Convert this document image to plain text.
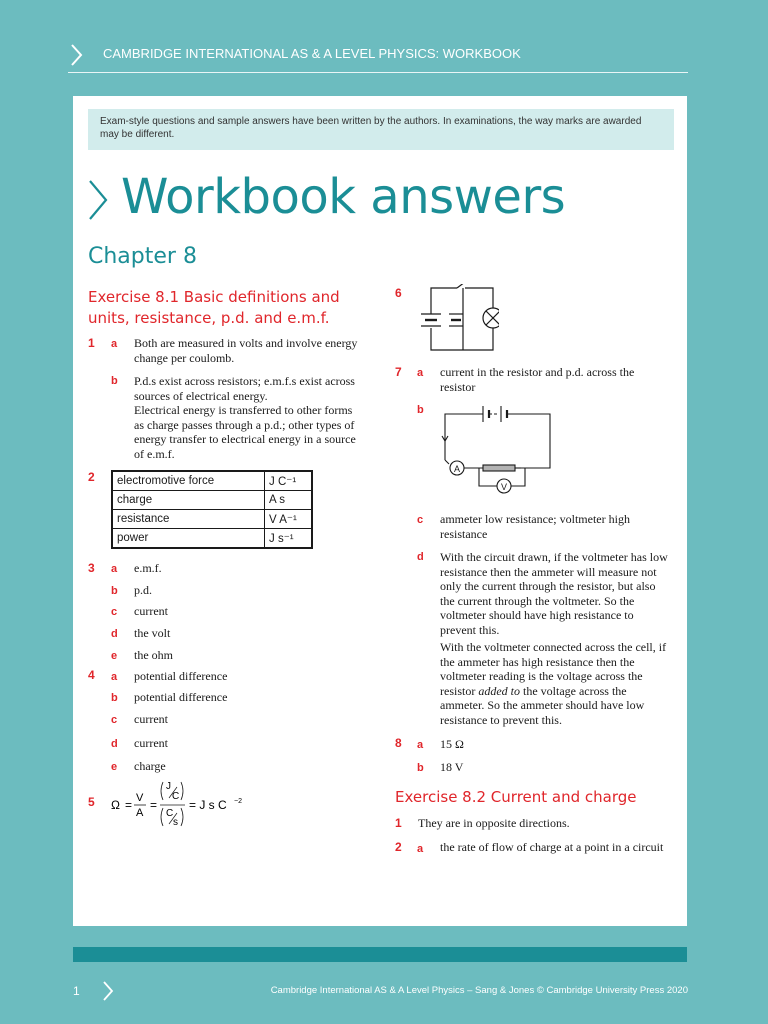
CAMBRIDGE INTERNATIONAL AS & A LEVEL PHYSICS: WORKBOOK
Exam-style questions and sample answers have been written by the authors. In examinations, the way marks are awarded may be different.
Workbook answers
Chapter 8
Exercise 8.1 Basic definitions and
units, resistance, p.d. and e.m.f.
1 a Both are measured in volts and involve energy change per coulomb.
b P.d.s exist across resistors; e.m.f.s exist across sources of electrical energy.
Electrical energy is transferred to other forms as charge passes through a p.d.; other types of energy transfer to electrical energy in a source of e.m.f.
2 electromotive force	J C⁻¹
charge	A s
resistance	V A⁻¹
power	J s⁻¹
3 a e.m.f.
b p.d.
c current
d the volt
e the ohm
4 a potential difference
b potential difference
c current
d current
e charge
5 Ω = V
A
=
J
C
C
s
= J s C −2
6
7 a current in the resistor and p.d. across the resistor
b
A
V
c ammeter low resistance; voltmeter high resistance
d With the circuit drawn, if the voltmeter has low resistance then the ammeter will measure not only the current through the resistor, but also the current through the voltmeter. So the voltmeter should have high resistance to prevent this.
With the voltmeter connected across the cell, if the ammeter has high resistance then the voltmeter reading is the voltage across the resistor added to the voltage across the ammeter. So the ammeter should have low resistance to prevent this.
8 a 15 Ω
b 18 V
Exercise 8.2 Current and charge
1 They are in opposite directions.
2 a the rate of flow of charge at a point in a circuit
1	Cambridge International AS & A Level Physics – Sang & Jones © Cambridge University Press 2020
